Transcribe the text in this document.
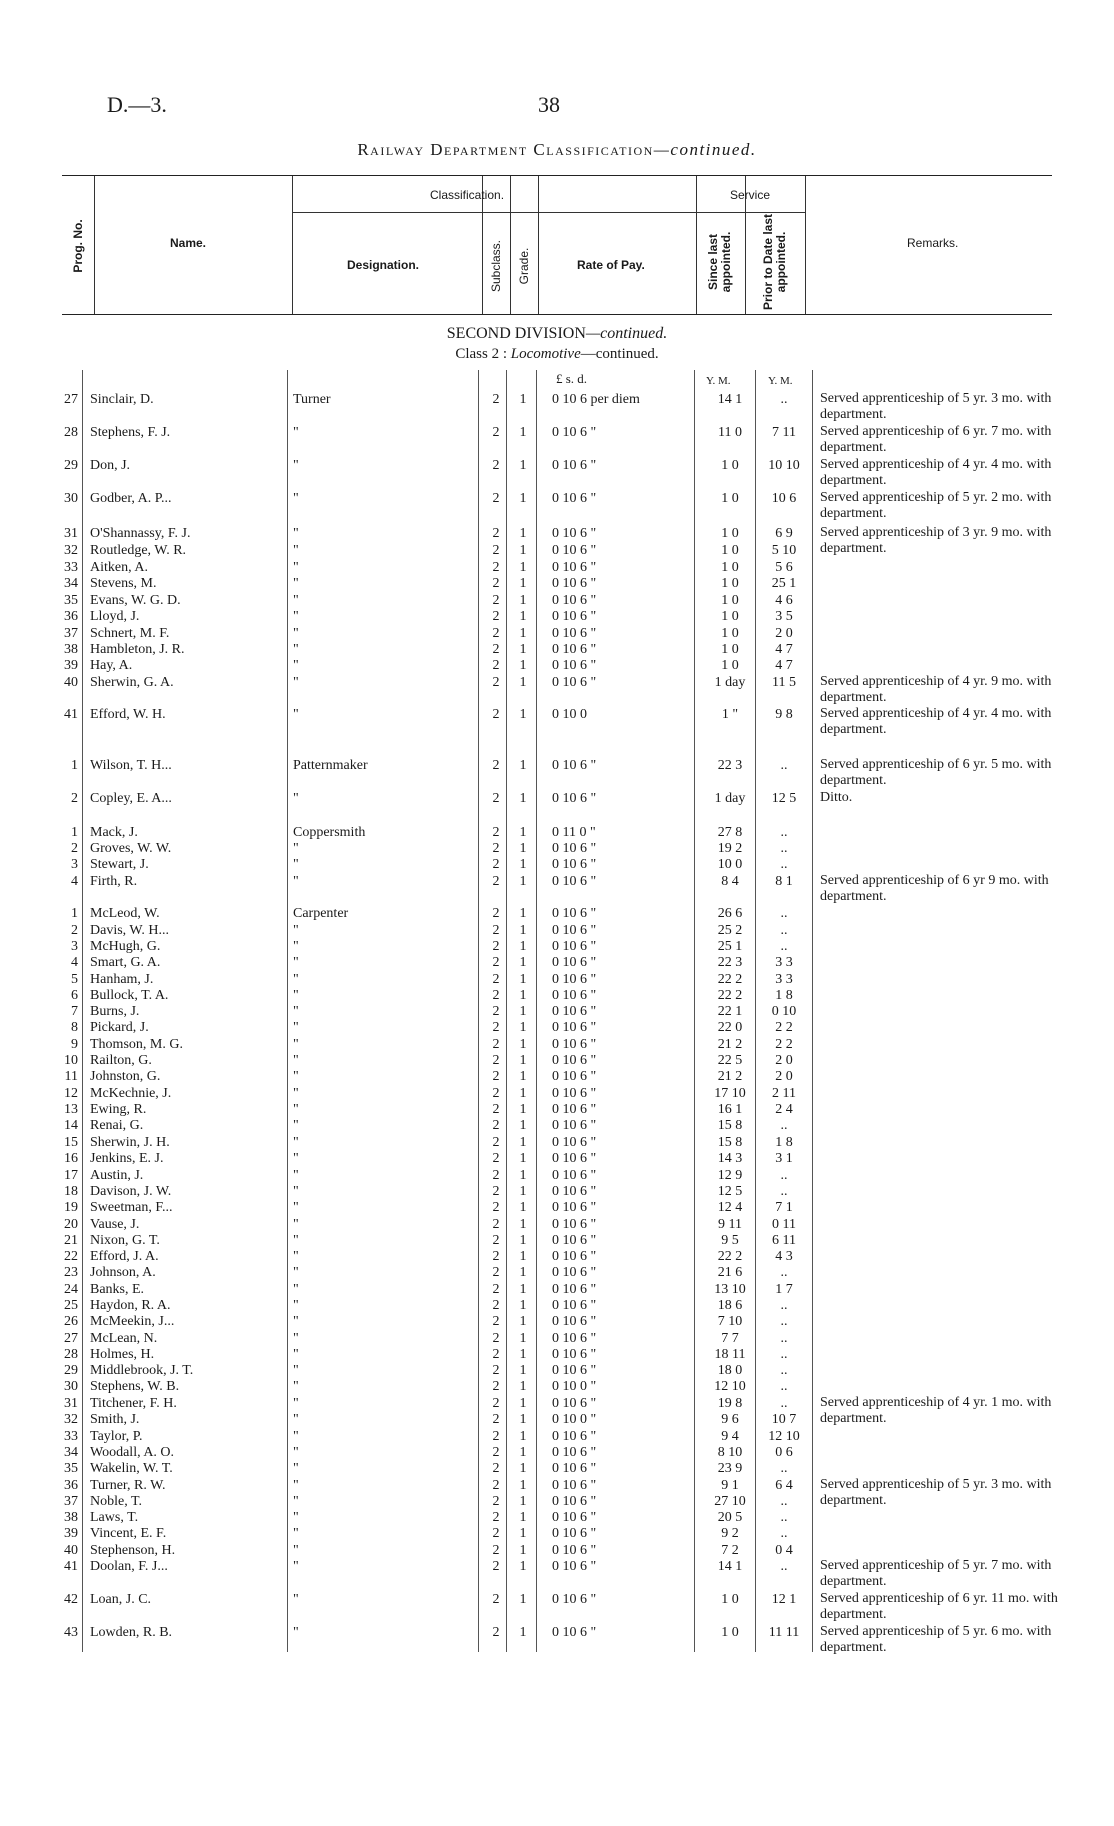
D.—3.	38
Railway Department Classification—continued.
Prog. No.	Name.
Classification.
Designation.	Subclass. Grade.	Rate of Pay.
Service
Since last appointed. Prior to Date last appointed.	Remarks.
SECOND DIVISION—continued.
Class 2 : Locomotive—continued.
£ s. d.	Y. M.	Y. M.
27 Sinclair, D.	Turner	2 1 0 10 6 per diem	14 1	..	Served apprenticeship of 5 yr. 3 mo. with department.
28 Stephens, F. J.	"	2 1 0 10 6 "	11 0	7 11	Served apprenticeship of 6 yr. 7 mo. with department.
29 Don, J.	"	2 1 0 10 6 "	1 0	10 10	Served apprenticeship of 4 yr. 4 mo. with department.
30 Godber, A. P...	"	2 1 0 10 6 "	1 0	10 6	Served apprenticeship of 5 yr. 2 mo. with department.
31 O'Shannassy, F. J.	"	2 1 0 10 6 "	1 0	6 9	Served apprenticeship of 3 yr. 9 mo. with department.
32 Routledge, W. R.	"	2 1 0 10 6 "	1 0	5 10
33 Aitken, A.	"	2 1 0 10 6 "	1 0	5 6
34 Stevens, M.	"	2 1 0 10 6 "	1 0	25 1
35 Evans, W. G. D.	"	2 1 0 10 6 "	1 0	4 6
36 Lloyd, J.	"	2 1 0 10 6 "	1 0	3 5
37 Schnert, M. F.	"	2 1 0 10 6 "	1 0	2 0
38 Hambleton, J. R.	"	2 1 0 10 6 "	1 0	4 7
39 Hay, A.	"	2 1 0 10 6 "	1 0	4 7
40 Sherwin, G. A.	"	2 1 0 10 6 "	1 day	11 5	Served apprenticeship of 4 yr. 9 mo. with department.
41 Efford, W. H.	"	2 1 0 10 0	1 "	9 8	Served apprenticeship of 4 yr. 4 mo. with department.
1 Wilson, T. H...	Patternmaker	2 1 0 10 6 "	22 3	..	Served apprenticeship of 6 yr. 5 mo. with department.
2 Copley, E. A...	"	2 1 0 10 6 "	1 day	12 5	Ditto.
1 Mack, J.	Coppersmith	2 1 0 11 0 "	27 8	..
2 Groves, W. W.	"	2 1 0 10 6 "	19 2	..
3 Stewart, J.	"	2 1 0 10 6 "	10 0	..
4 Firth, R.	"	2 1 0 10 6 "	8 4	8 1	Served apprenticeship of 6 yr 9 mo. with department.
1 McLeod, W.	Carpenter	2 1 0 10 6 "	26 6	..
2 Davis, W. H...	"	2 1 0 10 6 "	25 2	..
3 McHugh, G.	"	2 1 0 10 6 "	25 1	..
4 Smart, G. A.	"	2 1 0 10 6 "	22 3	3 3
5 Hanham, J.	"	2 1 0 10 6 "	22 2	3 3
6 Bullock, T. A.	"	2 1 0 10 6 "	22 2	1 8
7 Burns, J.	"	2 1 0 10 6 "	22 1	0 10
8 Pickard, J.	"	2 1 0 10 6 "	22 0	2 2
9 Thomson, M. G.	"	2 1 0 10 6 "	21 2	2 2
10 Railton, G.	"	2 1 0 10 6 "	22 5	2 0
11 Johnston, G.	"	2 1 0 10 6 "	21 2	2 0
12 McKechnie, J.	"	2 1 0 10 6 "	17 10	2 11
13 Ewing, R.	"	2 1 0 10 6 "	16 1	2 4
14 Renai, G.	"	2 1 0 10 6 "	15 8	..
15 Sherwin, J. H.	"	2 1 0 10 6 "	15 8	1 8
16 Jenkins, E. J.	"	2 1 0 10 6 "	14 3	3 1
17 Austin, J.	"	2 1 0 10 6 "	12 9	..
18 Davison, J. W.	"	2 1 0 10 6 "	12 5	..
19 Sweetman, F...	"	2 1 0 10 6 "	12 4	7 1
20 Vause, J.	"	2 1 0 10 6 "	9 11	0 11
21 Nixon, G. T.	"	2 1 0 10 6 "	9 5	6 11
22 Efford, J. A.	"	2 1 0 10 6 "	22 2	4 3
23 Johnson, A.	"	2 1 0 10 6 "	21 6	..
24 Banks, E.	"	2 1 0 10 6 "	13 10	1 7
25 Haydon, R. A.	"	2 1 0 10 6 "	18 6	..
26 McMeekin, J...	"	2 1 0 10 6 "	7 10	..
27 McLean, N.	"	2 1 0 10 6 "	7 7	..
28 Holmes, H.	"	2 1 0 10 6 "	18 11	..
29 Middlebrook, J. T.	"	2 1 0 10 6 "	18 0	..
30 Stephens, W. B.	"	2 1 0 10 0 "	12 10	..
31 Titchener, F. H.	"	2 1 0 10 6 "	19 8	..	Served apprenticeship of 4 yr. 1 mo. with department.
32 Smith, J.	"	2 1 0 10 0 "	9 6	10 7
33 Taylor, P.	"	2 1 0 10 6 "	9 4	12 10
34 Woodall, A. O.	"	2 1 0 10 6 "	8 10	0 6
35 Wakelin, W. T.	"	2 1 0 10 6 "	23 9	..
36 Turner, R. W.	"	2 1 0 10 6 "	9 1	6 4	Served apprenticeship of 5 yr. 3 mo. with department.
37 Noble, T.	"	2 1 0 10 6 "	27 10	..
38 Laws, T.	"	2 1 0 10 6 "	20 5	..
39 Vincent, E. F.	"	2 1 0 10 6 "	9 2	..
40 Stephenson, H.	"	2 1 0 10 6 "	7 2	0 4
41 Doolan, F. J...	"	2 1 0 10 6 "	14 1	..	Served apprenticeship of 5 yr. 7 mo. with department.
42 Loan, J. C.	"	2 1 0 10 6 "	1 0	12 1	Served apprenticeship of 6 yr. 11 mo. with department.
43 Lowden, R. B.	"	2 1 0 10 6 "	1 0	11 11	Served apprenticeship of 5 yr. 6 mo. with department.
